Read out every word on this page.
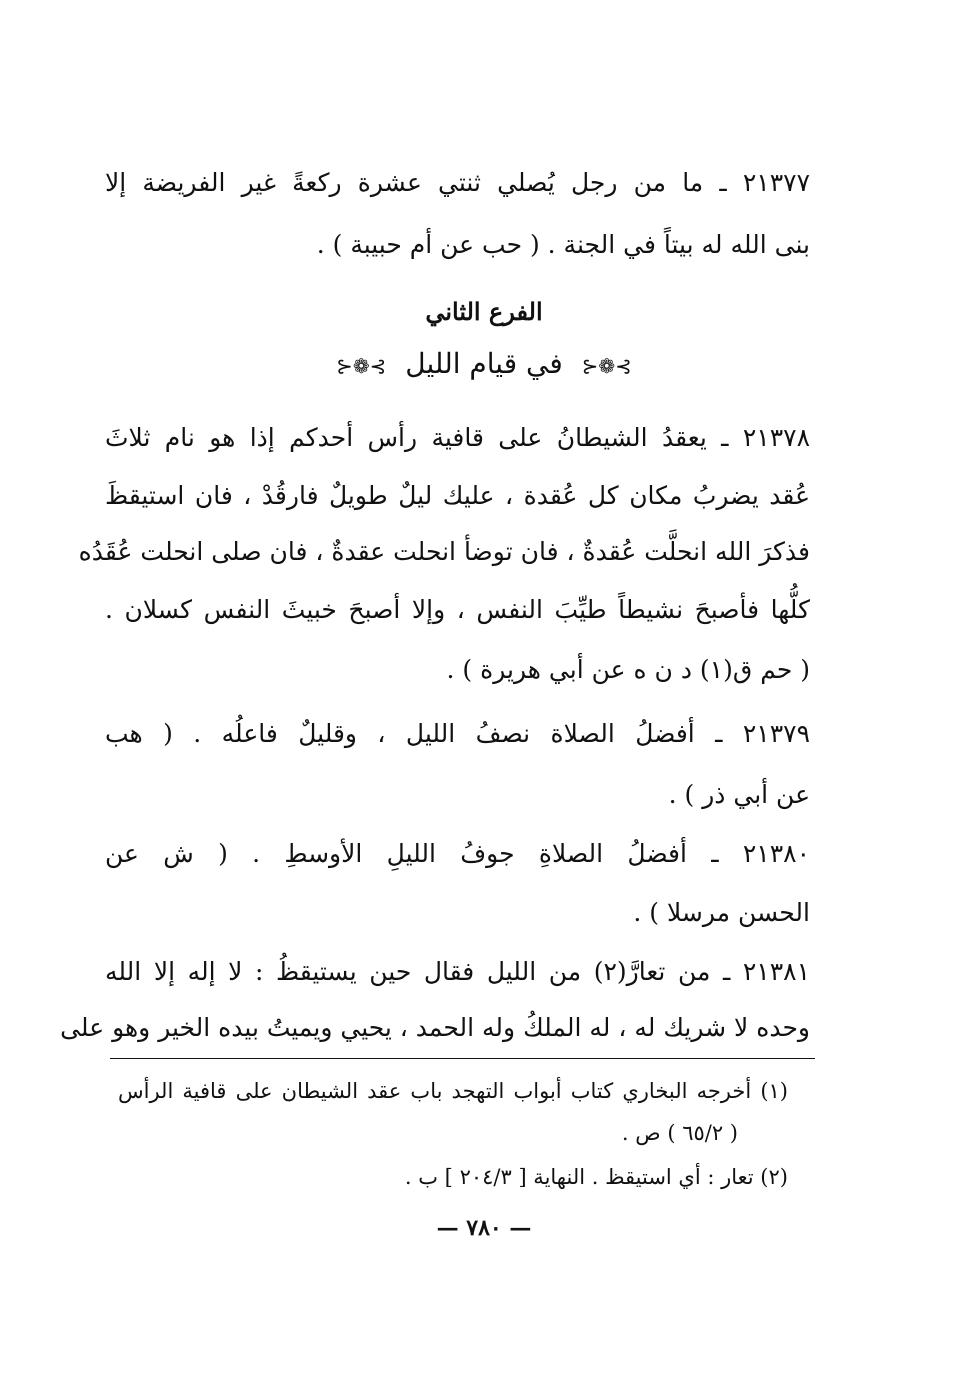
٢١٣٧٧ ـ ما من رجل يُصلي ثنتي عشرة ركعةً غير الفريضة إلا
بنى الله له بيتاً في الجنة . ( حب عن أم حبيبة ) .
الفرع الثاني
⊱❁⊰ في قيام الليل ⊱❁⊰
٢١٣٧٨ ـ يعقدُ الشيطانُ على قافية رأس أحدكم إذا هو نام ثلاثَ
عُقد يضربُ مكان كل عُقدة ، عليك ليلٌ طويلٌ فارقُدْ ، فان استيقظَ
فذكرَ الله انحلَّت عُقدةٌ ، فان توضأ انحلت عقدةٌ ، فان صلى انحلت عُقَدُه
كلُّها فأصبحَ نشيطاً طيِّبَ النفس ، وإلا أصبحَ خبيثَ النفس كسلان .
( حم ق(١) د ن ه عن أبي هريرة ) .
٢١٣٧٩ ـ أفضلُ الصلاة نصفُ الليل ، وقليلٌ فاعلُه . ( هب
عن أبي ذر ) .
٢١٣٨٠ ـ أفضلُ الصلاةِ جوفُ الليلِ الأوسطِ . ( ش عن
الحسن مرسلا ) .
٢١٣٨١ ـ من تعارَّ(٢) من الليل فقال حين يستيقظُ : لا إله إلا الله
وحده لا شريك له ، له الملكُ وله الحمد ، يحيي ويميتُ بيده الخير وهو على
(١) أخرجه البخاري كتاب أبواب التهجد باب عقد الشيطان على قافية الرأس
( ٦٥/٢ ) ص .
(٢) تعار : أي استيقظ . النهاية [ ٢٠٤/٣ ] ب .
— ٧٨٠ —
